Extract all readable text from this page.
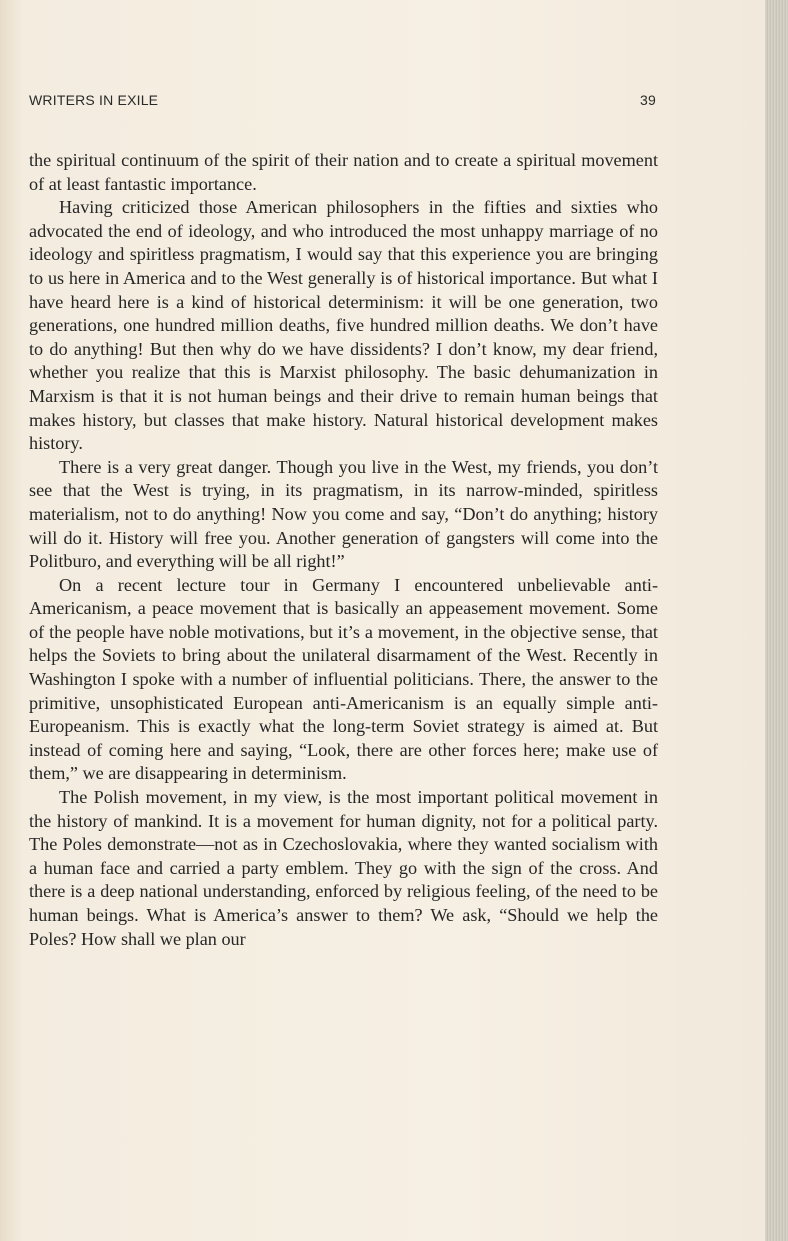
WRITERS IN EXILE	39

the spiritual continuum of the spirit of their nation and to create a spiritual movement of at least fantastic importance.

Having criticized those American philosophers in the fifties and sixties who advocated the end of ideology, and who introduced the most unhappy marriage of no ideology and spiritless pragmatism, I would say that this experience you are bringing to us here in America and to the West generally is of historical importance. But what I have heard here is a kind of historical determinism: it will be one generation, two generations, one hundred million deaths, five hundred million deaths. We don’t have to do anything! But then why do we have dissidents? I don’t know, my dear friend, whether you realize that this is Marxist philosophy. The basic dehumanization in Marxism is that it is not human beings and their drive to remain human beings that makes history, but classes that make history. Natural historical development makes history.

There is a very great danger. Though you live in the West, my friends, you don’t see that the West is trying, in its pragmatism, in its narrow-minded, spiritless materialism, not to do anything! Now you come and say, “Don’t do anything; history will do it. History will free you. Another generation of gangsters will come into the Politburo, and everything will be all right!”

On a recent lecture tour in Germany I encountered unbelievable anti-Americanism, a peace movement that is basically an appeasement movement. Some of the people have noble motivations, but it’s a movement, in the objective sense, that helps the Soviets to bring about the unilateral disarmament of the West. Recently in Washington I spoke with a number of influential politicians. There, the answer to the primitive, unsophisticated European anti-Americanism is an equally simple anti-Europeanism. This is exactly what the long-term Soviet strategy is aimed at. But instead of coming here and saying, “Look, there are other forces here; make use of them,” we are disappearing in determinism.

The Polish movement, in my view, is the most important political movement in the history of mankind. It is a movement for human dignity, not for a political party. The Poles demonstrate—not as in Czechoslovakia, where they wanted socialism with a human face and carried a party emblem. They go with the sign of the cross. And there is a deep national understanding, enforced by religious feeling, of the need to be human beings. What is America’s answer to them? We ask, “Should we help the Poles? How shall we plan our
